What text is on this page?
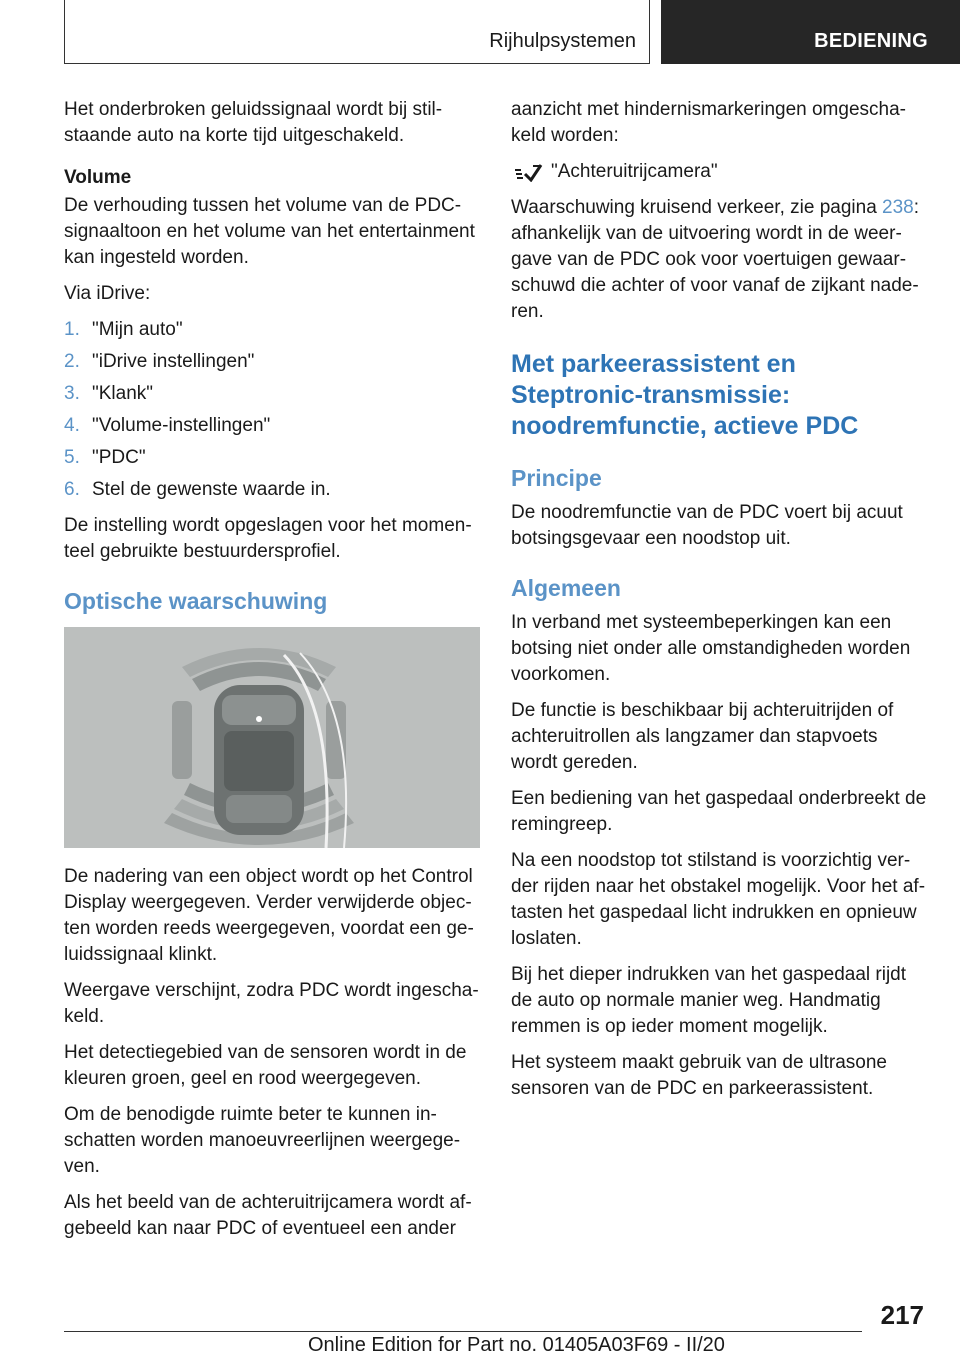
Rijhulpsystemen	BEDIENING

Het onderbroken geluidssignaal wordt bij stilstaande auto na korte tijd uitgeschakeld.

Volume

De verhouding tussen het volume van de PDC-signaaltoon en het volume van het entertainment kan ingesteld worden.

Via iDrive:

1. "Mijn auto"
2. "iDrive instellingen"
3. "Klank"
4. "Volume-instellingen"
5. "PDC"
6. Stel de gewenste waarde in.

De instelling wordt opgeslagen voor het momenteel gebruikte bestuurdersprofiel.

Optische waarschuwing

De nadering van een object wordt op het Control Display weergegeven. Verder verwijderde objecten worden reeds weergegeven, voordat een geluidssignaal klinkt.

Weergave verschijnt, zodra PDC wordt ingeschakeld.

Het detectiegebied van de sensoren wordt in de kleuren groen, geel en rood weergegeven.

Om de benodigde ruimte beter te kunnen inschatten worden manoeuvreerlijnen weergegeven.

Als het beeld van de achteruitrijcamera wordt afgebeeld kan naar PDC of eventueel een ander

aanzicht met hindernismarkeringen omgeschakeld worden:

"Achteruitrijcamera"

Waarschuwing kruisend verkeer, zie pagina 238: afhankelijk van de uitvoering wordt in de weergave van de PDC ook voor voertuigen gewaarschuwd die achter of voor vanaf de zijkant naderen.

Met parkeerassistent en Steptronic-transmissie: noodremfunctie, actieve PDC

Principe

De noodremfunctie van de PDC voert bij acuut botsingsgevaar een noodstop uit.

Algemeen

In verband met systeembeperkingen kan een botsing niet onder alle omstandigheden worden voorkomen.

De functie is beschikbaar bij achteruitrijden of achteruitrollen als langzamer dan stapvoets wordt gereden.

Een bediening van het gaspedaal onderbreekt de remingreep.

Na een noodstop tot stilstand is voorzichtig verder rijden naar het obstakel mogelijk. Voor het aftasten het gaspedaal licht indrukken en opnieuw loslaten.

Bij het dieper indrukken van het gaspedaal rijdt de auto op normale manier weg. Handmatig remmen is op ieder moment mogelijk.

Het systeem maakt gebruik van de ultrasone sensoren van de PDC en parkeerassistent.

217
Online Edition for Part no. 01405A03F69 - II/20
